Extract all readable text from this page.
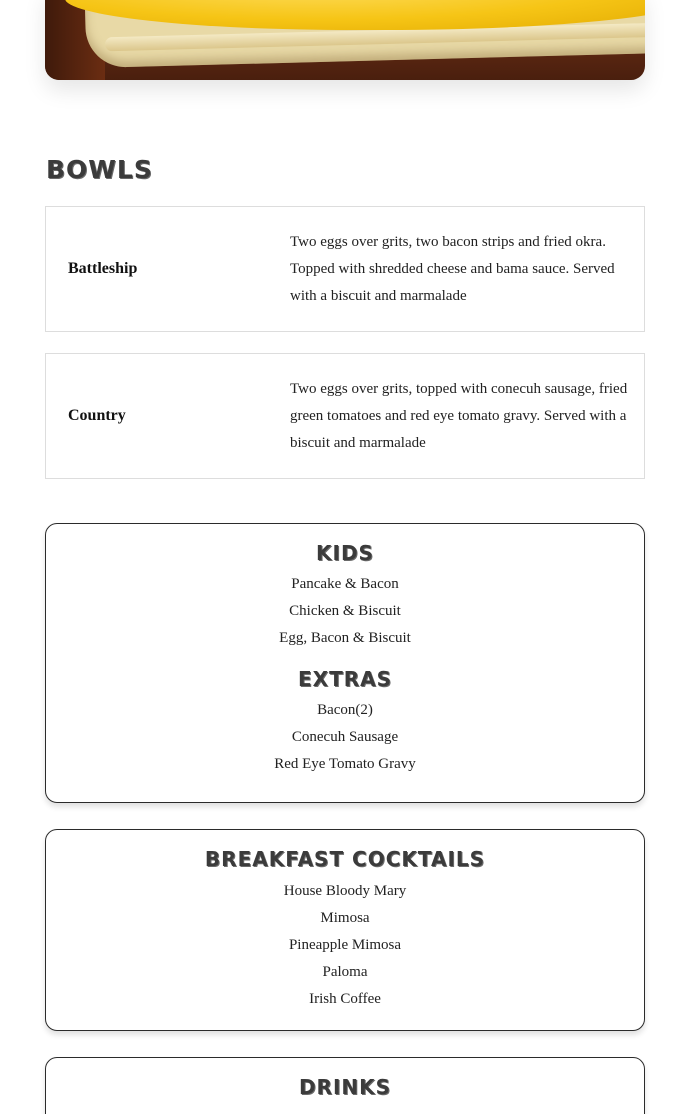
BOWLS
Battleship
Two eggs over grits, two bacon strips and fried okra. Topped with shredded cheese and bama sauce. Served with a biscuit and marmalade
Country
Two eggs over grits, topped with conecuh sausage, fried green tomatoes and red eye tomato gravy. Served with a biscuit and marmalade
KIDS
Pancake & Bacon
Chicken & Biscuit
Egg, Bacon & Biscuit
EXTRAS
Bacon(2)
Conecuh Sausage
Red Eye Tomato Gravy
BREAKFAST COCKTAILS
House Bloody Mary
Mimosa
Pineapple Mimosa
Paloma
Irish Coffee
DRINKS
